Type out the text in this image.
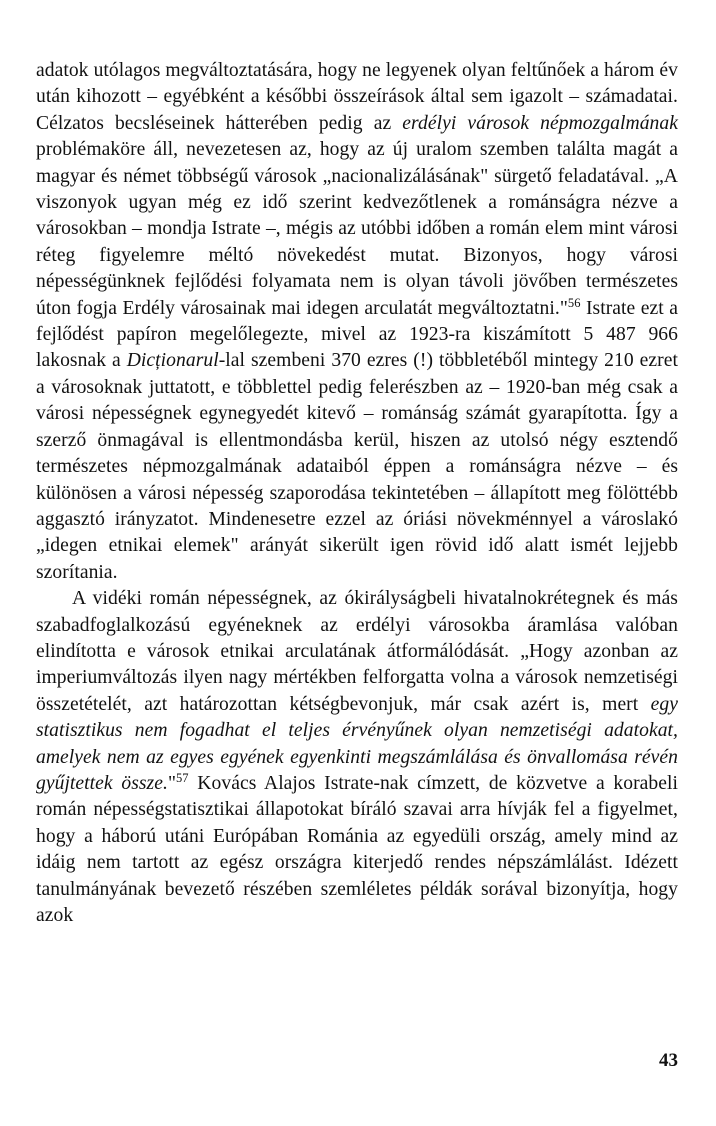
adatok utólagos megváltoztatására, hogy ne legyenek olyan feltűnőek a három év után kihozott – egyébként a későbbi összeírások által sem igazolt – számadatai. Célzatos becsléseinek hátterében pedig az erdélyi városok népmozgalmának problémaköre áll, nevezetesen az, hogy az új uralom szemben találta magát a magyar és német többségű városok „nacionalizálásának" sürgető feladatával. „A viszonyok ugyan még ez idő szerint kedvezőtlenek a románságra nézve a városokban – mondja Istrate –, mégis az utóbbi időben a román elem mint városi réteg figyelemre méltó növekedést mutat. Bizonyos, hogy városi népességünknek fejlődési folyamata nem is olyan távoli jövőben természetes úton fogja Erdély városainak mai idegen arculatát megváltoztatni."$^{56}$ Istrate ezt a fejlődést papíron megelőlegezte, mivel az 1923-ra kiszámított 5 487 966 lakosnak a Dicționarul-lal szembeni 370 ezres (!) többletéből mintegy 210 ezret a városoknak juttatott, e többlettel pedig felerészben az – 1920-ban még csak a városi népességnek egynegyedét kitevő – románság számát gyarapította. Így a szerző önmagával is ellentmondásba kerül, hiszen az utolsó négy esztendő természetes népmozgalmának adataiból éppen a románságra nézve – és különösen a városi népesség szaporodása tekintetében – állapított meg fölöttébb aggasztó irányzatot. Mindenesetre ezzel az óriási növekménnyel a városlakó „idegen etnikai elemek" arányát sikerült igen rövid idő alatt ismét lejjebb szorítania.

A vidéki román népességnek, az ókirályságbeli hivatalnokrétegnek és más szabadfoglalkozású egyéneknek az erdélyi városokba áramlása valóban elindította e városok etnikai arculatának átformálódását. „Hogy azonban az imperiumváltozás ilyen nagy mértékben felforgatta volna a városok nemzetiségi összetételét, azt határozottan kétségbevonjuk, már csak azért is, mert egy statisztikus nem fogadhat el teljes érvényűnek olyan nemzetiségi adatokat, amelyek nem az egyes egyének egyenkinti megszámlálása és önvallomása révén gyűjtettek össze."$^{57}$ Kovács Alajos Istrate-nak címzett, de közvetve a korabeli román népességstatisztikai állapotokat bíráló szavai arra hívják fel a figyelmet, hogy a háború utáni Európában Románia az egyedüli ország, amely mind az idáig nem tartott az egész országra kiterjedő rendes népszámlálást. Idézett tanulmányának bevezető részében szemléletes példák sorával bizonyítja, hogy azok

43
